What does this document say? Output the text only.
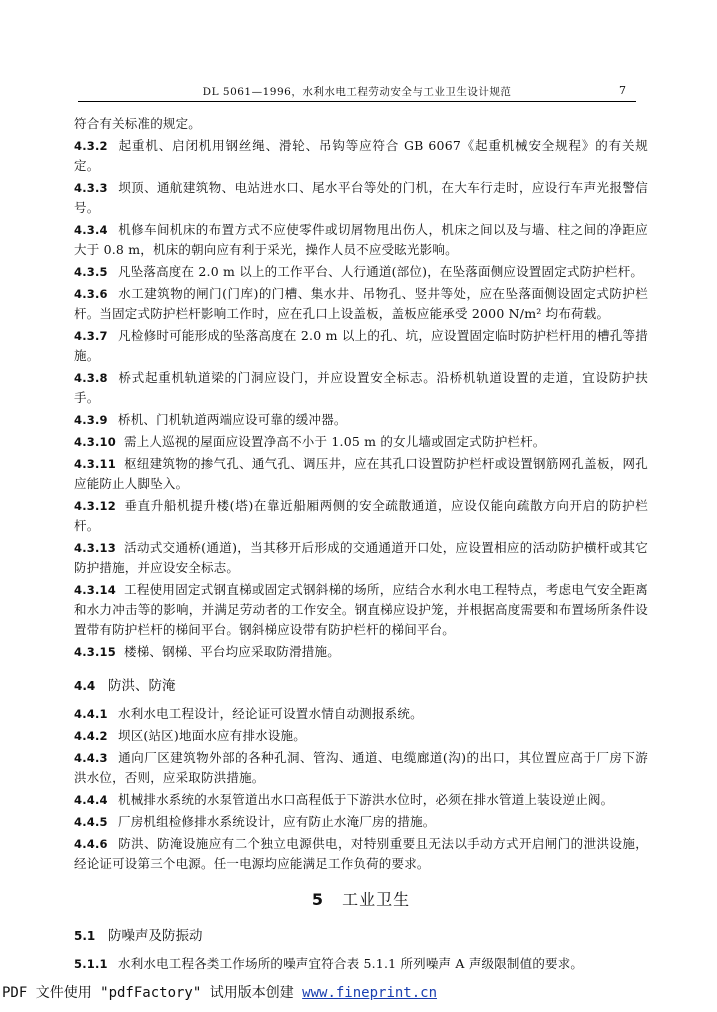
DL 5061—1996，水利水电工程劳动安全与工业卫生设计规范	7

符合有关标准的规定。

4.3.2 起重机、启闭机用钢丝绳、滑轮、吊钩等应符合 GB 6067《起重机械安全规程》的有关规定。

4.3.3 坝顶、通航建筑物、电站进水口、尾水平台等处的门机，在大车行走时，应设行车声光报警信号。

4.3.4 机修车间机床的布置方式不应使零件或切屑物甩出伤人，机床之间以及与墙、柱之间的净距应大于 0.8 m，机床的朝向应有利于采光，操作人员不应受眩光影响。

4.3.5 凡坠落高度在 2.0 m 以上的工作平台、人行通道(部位)，在坠落面侧应设置固定式防护栏杆。

4.3.6 水工建筑物的闸门(门库)的门槽、集水井、吊物孔、竖井等处，应在坠落面侧设固定式防护栏杆。当固定式防护栏杆影响工作时，应在孔口上设盖板，盖板应能承受 2000 N/m² 均布荷载。

4.3.7 凡检修时可能形成的坠落高度在 2.0 m 以上的孔、坑，应设置固定临时防护栏杆用的槽孔等措施。

4.3.8 桥式起重机轨道梁的门洞应设门，并应设置安全标志。沿桥机轨道设置的走道，宜设防护扶手。

4.3.9 桥机、门机轨道两端应设可靠的缓冲器。

4.3.10 需上人巡视的屋面应设置净高不小于 1.05 m 的女儿墙或固定式防护栏杆。

4.3.11 枢纽建筑物的掺气孔、通气孔、调压井，应在其孔口设置防护栏杆或设置钢筋网孔盖板，网孔应能防止人脚坠入。

4.3.12 垂直升船机提升楼(塔)在靠近船厢两侧的安全疏散通道，应设仅能向疏散方向开启的防护栏杆。

4.3.13 活动式交通桥(通道)，当其移开后形成的交通通道开口处，应设置相应的活动防护横杆或其它防护措施，并应设安全标志。

4.3.14 工程使用固定式钢直梯或固定式钢斜梯的场所，应结合水利水电工程特点，考虑电气安全距离和水力冲击等的影响，并满足劳动者的工作安全。钢直梯应设护笼，并根据高度需要和布置场所条件设置带有防护栏杆的梯间平台。钢斜梯应设带有防护栏杆的梯间平台。

4.3.15 楼梯、钢梯、平台均应采取防滑措施。

4.4 防洪、防淹

4.4.1 水利水电工程设计，经论证可设置水情自动测报系统。

4.4.2 坝区(站区)地面水应有排水设施。

4.4.3 通向厂区建筑物外部的各种孔洞、管沟、通道、电缆廊道(沟)的出口，其位置应高于厂房下游洪水位，否则，应采取防洪措施。

4.4.4 机械排水系统的水泵管道出水口高程低于下游洪水位时，必须在排水管道上装设逆止阀。

4.4.5 厂房机组检修排水系统设计，应有防止水淹厂房的措施。

4.4.6 防洪、防淹设施应有二个独立电源供电，对特别重要且无法以手动方式开启闸门的泄洪设施，经论证可设第三个电源。任一电源均应能满足工作负荷的要求。

5 工业卫生
5.1 防噪声及防振动

5.1.1 水利水电工程各类工作场所的噪声宜符合表 5.1.1 所列噪声 A 声级限制值的要求。

PDF 文件使用 "pdfFactory" 试用版本创建 www.fineprint.cn
